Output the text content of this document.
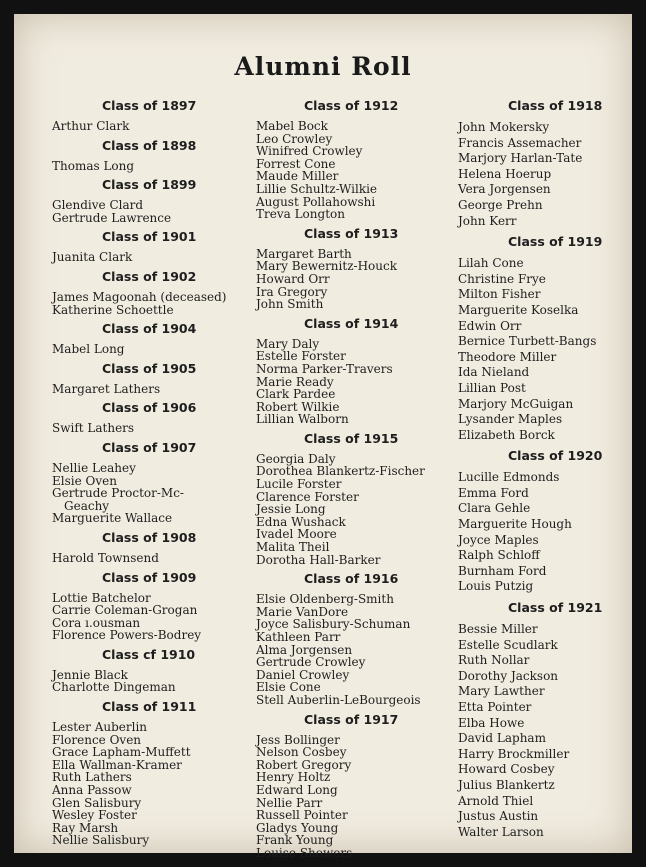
Alumni Roll
Class of 1897
Arthur Clark
Class of 1898
Thomas Long
Class of 1899
Glendive Clard
Gertrude Lawrence
Class of 1901
Juanita Clark
Class of 1902
James Magoonah (deceased)
Katherine Schoettle
Class of 1904
Mabel Long
Class of 1905
Margaret Lathers
Class of 1906
Swift Lathers
Class of 1907
Nellie Leahey
Elsie Oven
Gertrude Proctor-Mc-
Geachy
Marguerite Wallace
Class of 1908
Harold Townsend
Class of 1909
Lottie Batchelor
Carrie Coleman-Grogan
Cora ı.ousman
Florence Powers-Bodrey
Class cf 1910
Jennie Black
Charlotte Dingeman
Class of 1911
Lester Auberlin
Florence Oven
Grace Lapham-Muffett
Ella Wallman-Kramer
Ruth Lathers
Anna Passow
Glen Salisbury
Wesley Foster
Ray Marsh
Nellie Salisbury
Class of 1912
Mabel Bock
Leo Crowley
Winifred Crowley
Forrest Cone
Maude Miller
Lillie Schultz-Wilkie
August Pollahowshi
Treva Longton
Class of 1913
Margaret Barth
Mary Bewernitz-Houck
Howard Orr
Ira Gregory
John Smith
Class of 1914
Mary Daly
Estelle Forster
Norma Parker-Travers
Marie Ready
Clark Pardee
Robert Wilkie
Lillian Walborn
Class of 1915
Georgia Daly
Dorothea Blankertz-Fischer
Lucile Forster
Clarence Forster
Jessie Long
Edna Wushack
Ivadel Moore
Malita Theil
Dorotha Hall-Barker
Class of 1916
Elsie Oldenberg-Smith
Marie VanDore
Joyce Salisbury-Schuman
Kathleen Parr
Alma Jorgensen
Gertrude Crowley
Daniel Crowley
Elsie Cone
Stell Auberlin-LeBourgeois
Class of 1917
Jess Bollinger
Nelson Cosbey
Robert Gregory
Henry Holtz
Edward Long
Nellie Parr
Russell Pointer
Gladys Young
Frank Young
Louise Showers
Class of 1918
John Mokersky
Francis Assemacher
Marjory Harlan-Tate
Helena Hoerup
Vera Jorgensen
George Prehn
John Kerr
Class of 1919
Lilah Cone
Christine Frye
Milton Fisher
Marguerite Koselka
Edwin Orr
Bernice Turbett-Bangs
Theodore Miller
Ida Nieland
Lillian Post
Marjory McGuigan
Lysander Maples
Elizabeth Borck
Class of 1920
Lucille Edmonds
Emma Ford
Clara Gehle
Marguerite Hough
Joyce Maples
Ralph Schloff
Burnham Ford
Louis Putzig
Class of 1921
Bessie Miller
Estelle Scudlark
Ruth Nollar
Dorothy Jackson
Mary Lawther
Etta Pointer
Elba Howe
David Lapham
Harry Brockmiller
Howard Cosbey
Julius Blankertz
Arnold Thiel
Justus Austin
Walter Larson
